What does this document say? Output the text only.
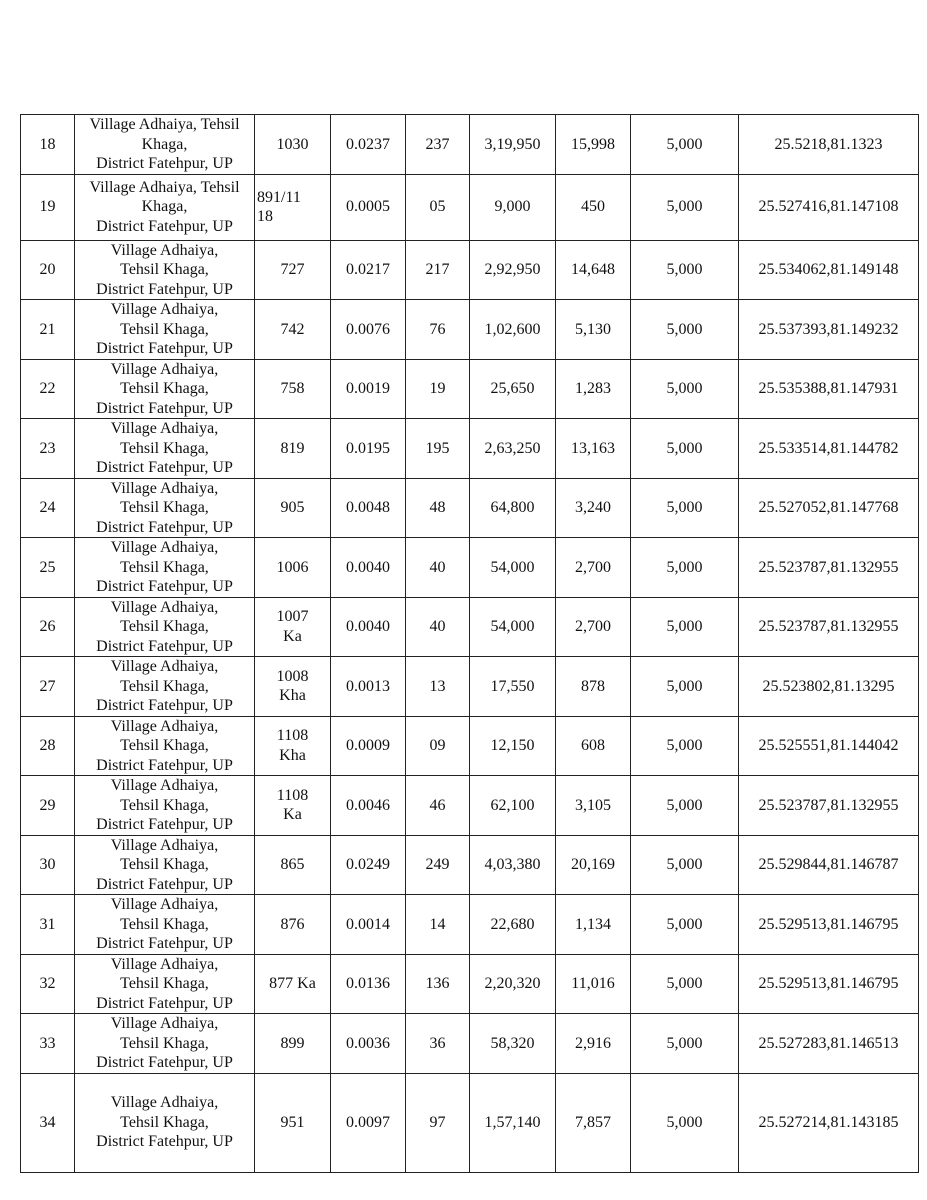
18	Village Adhaiya, Tehsil
Khaga,
District Fatehpur, UP	1030	0.0237	237	3,19,950	15,998	5,000	25.5218,81.1323
19	Village Adhaiya, Tehsil
Khaga,
District Fatehpur, UP	891/11
18	0.0005	05	9,000	450	5,000	25.527416,81.147108
20	Village Adhaiya,
Tehsil Khaga,
District Fatehpur, UP	727	0.0217	217	2,92,950	14,648	5,000	25.534062,81.149148
21	Village Adhaiya,
Tehsil Khaga,
District Fatehpur, UP	742	0.0076	76	1,02,600	5,130	5,000	25.537393,81.149232
22	Village Adhaiya,
Tehsil Khaga,
District Fatehpur, UP	758	0.0019	19	25,650	1,283	5,000	25.535388,81.147931
23	Village Adhaiya,
Tehsil Khaga,
District Fatehpur, UP	819	0.0195	195	2,63,250	13,163	5,000	25.533514,81.144782
24	Village Adhaiya,
Tehsil Khaga,
District Fatehpur, UP	905	0.0048	48	64,800	3,240	5,000	25.527052,81.147768
25	Village Adhaiya,
Tehsil Khaga,
District Fatehpur, UP	1006	0.0040	40	54,000	2,700	5,000	25.523787,81.132955
26	Village Adhaiya,
Tehsil Khaga,
District Fatehpur, UP	1007
Ka	0.0040	40	54,000	2,700	5,000	25.523787,81.132955
27	Village Adhaiya,
Tehsil Khaga,
District Fatehpur, UP	1008
Kha	0.0013	13	17,550	878	5,000	25.523802,81.13295
28	Village Adhaiya,
Tehsil Khaga,
District Fatehpur, UP	1108
Kha	0.0009	09	12,150	608	5,000	25.525551,81.144042
29	Village Adhaiya,
Tehsil Khaga,
District Fatehpur, UP	1108
Ka	0.0046	46	62,100	3,105	5,000	25.523787,81.132955
30	Village Adhaiya,
Tehsil Khaga,
District Fatehpur, UP	865	0.0249	249	4,03,380	20,169	5,000	25.529844,81.146787
31	Village Adhaiya,
Tehsil Khaga,
District Fatehpur, UP	876	0.0014	14	22,680	1,134	5,000	25.529513,81.146795
32	Village Adhaiya,
Tehsil Khaga,
District Fatehpur, UP	877 Ka	0.0136	136	2,20,320	11,016	5,000	25.529513,81.146795
33	Village Adhaiya,
Tehsil Khaga,
District Fatehpur, UP	899	0.0036	36	58,320	2,916	5,000	25.527283,81.146513
34	Village Adhaiya,
Tehsil Khaga,
District Fatehpur, UP	951	0.0097	97	1,57,140	7,857	5,000	25.527214,81.143185
